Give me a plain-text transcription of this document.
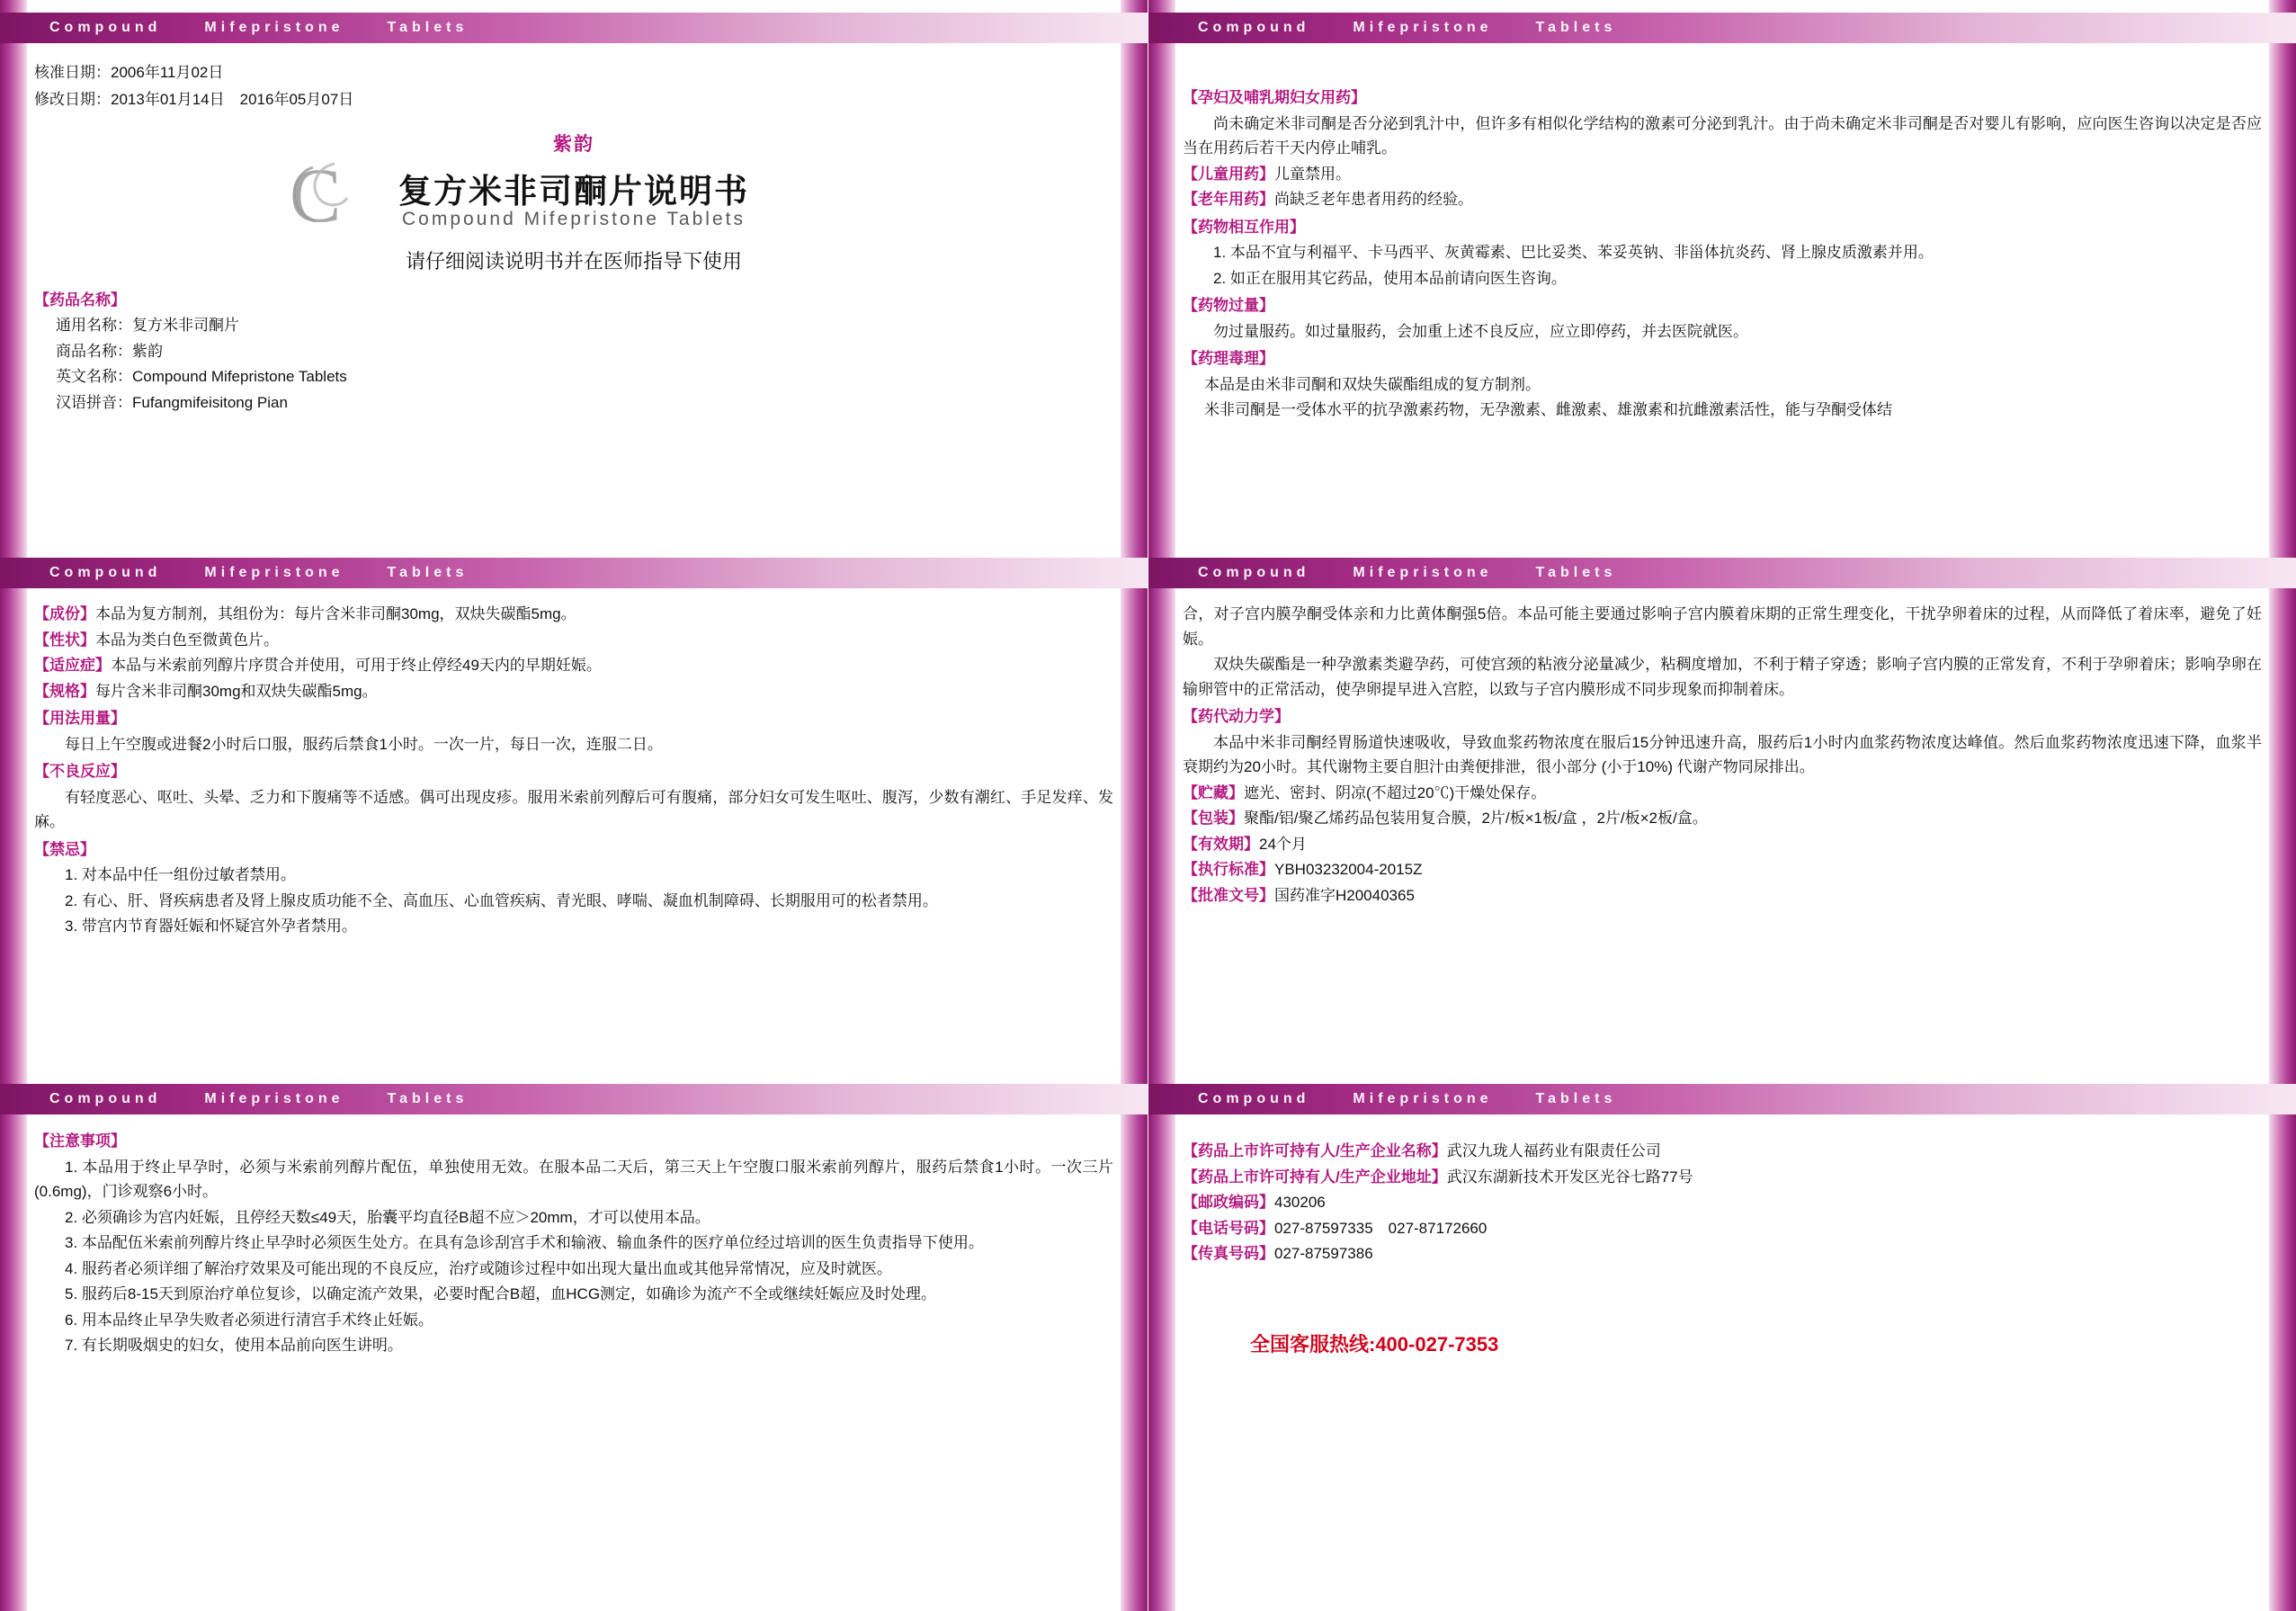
Compound	Mifepristone	Tablets
核准日期：2006年11月02日
修改日期：2013年01月14日　2016年05月07日
紫韵
C	复方米非司酮片说明书
Compound Mifepristone Tablets
请仔细阅读说明书并在医师指导下使用
【药品名称】
通用名称：复方米非司酮片
商品名称：紫韵
英文名称：Compound Mifepristone Tablets
汉语拼音：Fufangmifeisitong Pian
Compound	Mifepristone	Tablets
【成份】本品为复方制剂，其组份为：每片含米非司酮30mg，双炔失碳酯5mg。
【性状】本品为类白色至微黄色片。
【适应症】本品与米索前列醇片序贯合并使用，可用于终止停经49天内的早期妊娠。
【规格】每片含米非司酮30mg和双炔失碳酯5mg。
【用法用量】
每日上午空腹或进餐2小时后口服，服药后禁食1小时。一次一片，每日一次，连服二日。
【不良反应】
有轻度恶心、呕吐、头晕、乏力和下腹痛等不适感。偶可出现皮疹。服用米索前列醇后可有腹痛，部分妇女可发生呕吐、腹泻，少数有潮红、手足发痒、发麻。
【禁忌】
1. 对本品中任一组份过敏者禁用。
2. 有心、肝、肾疾病患者及肾上腺皮质功能不全、高血压、心血管疾病、青光眼、哮喘、凝血机制障碍、长期服用可的松者禁用。
3. 带宫内节育器妊娠和怀疑宫外孕者禁用。
Compound	Mifepristone	Tablets
【注意事项】
1. 本品用于终止早孕时，必须与米索前列醇片配伍，单独使用无效。在服本品二天后，第三天上午空腹口服米索前列醇片，服药后禁食1小时。一次三片 (0.6mg)，门诊观察6小时。
2. 必须确诊为宫内妊娠，且停经天数≤49天，胎囊平均直径B超不应＞20mm，才可以使用本品。
3. 本品配伍米索前列醇片终止早孕时必须医生处方。在具有急诊刮宫手术和输液、输血条件的医疗单位经过培训的医生负责指导下使用。
4. 服药者必须详细了解治疗效果及可能出现的不良反应，治疗或随诊过程中如出现大量出血或其他异常情况，应及时就医。
5. 服药后8-15天到原治疗单位复诊，以确定流产效果，必要时配合B超，血HCG测定，如确诊为流产不全或继续妊娠应及时处理。
6. 用本品终止早孕失败者必须进行清宫手术终止妊娠。
7. 有长期吸烟史的妇女，使用本品前向医生讲明。
Compound	Mifepristone	Tablets
【孕妇及哺乳期妇女用药】
尚未确定米非司酮是否分泌到乳汁中，但许多有相似化学结构的激素可分泌到乳汁。由于尚未确定米非司酮是否对婴儿有影响，应向医生咨询以决定是否应当在用药后若干天内停止哺乳。
【儿童用药】儿童禁用。
【老年用药】尚缺乏老年患者用药的经验。
【药物相互作用】
1. 本品不宜与利福平、卡马西平、灰黄霉素、巴比妥类、苯妥英钠、非甾体抗炎药、肾上腺皮质激素并用。
2. 如正在服用其它药品，使用本品前请向医生咨询。
【药物过量】
勿过量服药。如过量服药，会加重上述不良反应，应立即停药，并去医院就医。
【药理毒理】
本品是由米非司酮和双炔失碳酯组成的复方制剂。
米非司酮是一受体水平的抗孕激素药物，无孕激素、雌激素、雄激素和抗雌激素活性，能与孕酮受体结
Compound	Mifepristone	Tablets
合，对子宫内膜孕酮受体亲和力比黄体酮强5倍。本品可能主要通过影响子宫内膜着床期的正常生理变化，干扰孕卵着床的过程，从而降低了着床率，避免了妊娠。
双炔失碳酯是一种孕激素类避孕药，可使宫颈的粘液分泌量减少，粘稠度增加，不利于精子穿透；影响子宫内膜的正常发育，不利于孕卵着床；影响孕卵在输卵管中的正常活动，使孕卵提早进入宫腔，以致与子宫内膜形成不同步现象而抑制着床。
【药代动力学】
本品中米非司酮经胃肠道快速吸收，导致血浆药物浓度在服后15分钟迅速升高，服药后1小时内血浆药物浓度达峰值。然后血浆药物浓度迅速下降，血浆半衰期约为20小时。其代谢物主要自胆汁由粪便排泄，很小部分 (小于10%) 代谢产物同尿排出。
【贮藏】遮光、密封、阴凉(不超过20℃)干燥处保存。
【包装】聚酯/铝/聚乙烯药品包装用复合膜，2片/板×1板/盒 ，2片/板×2板/盒。
【有效期】24个月
【执行标准】YBH03232004-2015Z
【批准文号】国药准字H20040365
Compound	Mifepristone	Tablets
【药品上市许可持有人/生产企业名称】武汉九珑人福药业有限责任公司
【药品上市许可持有人/生产企业地址】武汉东湖新技术开发区光谷七路77号
【邮政编码】430206
【电话号码】027-87597335　027-87172660
【传真号码】027-87597386
全国客服热线:400-027-7353
